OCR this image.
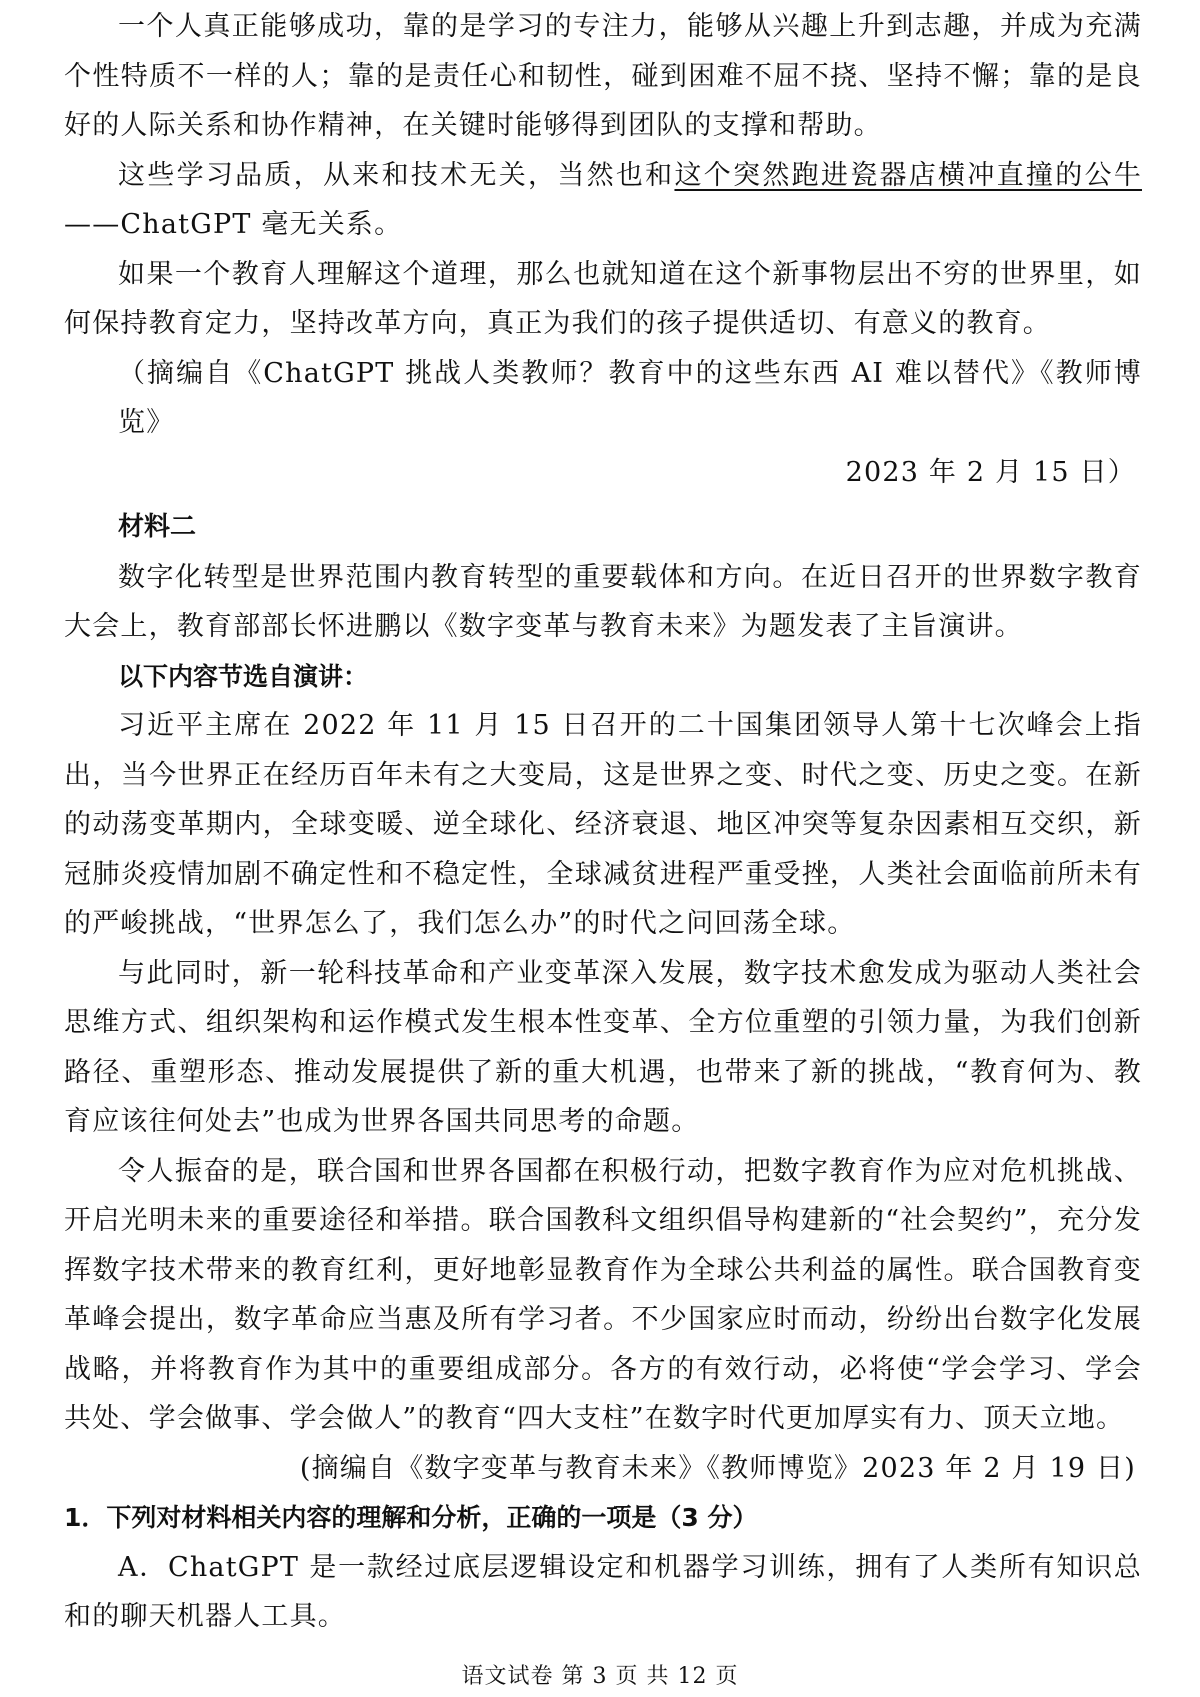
一个人真正能够成功，靠的是学习的专注力，能够从兴趣上升到志趣，并成为充满个性特质不一样的人；靠的是责任心和韧性，碰到困难不屈不挠、坚持不懈；靠的是良好的人际关系和协作精神，在关键时能够得到团队的支撑和帮助。

这些学习品质，从来和技术无关，当然也和这个突然跑进瓷器店横冲直撞的公牛——ChatGPT 毫无关系。

如果一个教育人理解这个道理，那么也就知道在这个新事物层出不穷的世界里，如何保持教育定力，坚持改革方向，真正为我们的孩子提供适切、有意义的教育。

（摘编自《ChatGPT 挑战人类教师？教育中的这些东西 AI 难以替代》《教师博览》

2023 年 2 月 15 日）

材料二

数字化转型是世界范围内教育转型的重要载体和方向。在近日召开的世界数字教育大会上，教育部部长怀进鹏以《数字变革与教育未来》为题发表了主旨演讲。

以下内容节选自演讲：

习近平主席在 2022 年 11 月 15 日召开的二十国集团领导人第十七次峰会上指出，当今世界正在经历百年未有之大变局，这是世界之变、时代之变、历史之变。在新的动荡变革期内，全球变暖、逆全球化、经济衰退、地区冲突等复杂因素相互交织，新冠肺炎疫情加剧不确定性和不稳定性，全球减贫进程严重受挫，人类社会面临前所未有的严峻挑战，“世界怎么了，我们怎么办”的时代之问回荡全球。

与此同时，新一轮科技革命和产业变革深入发展，数字技术愈发成为驱动人类社会思维方式、组织架构和运作模式发生根本性变革、全方位重塑的引领力量，为我们创新路径、重塑形态、推动发展提供了新的重大机遇，也带来了新的挑战，“教育何为、教育应该往何处去”也成为世界各国共同思考的命题。

令人振奋的是，联合国和世界各国都在积极行动，把数字教育作为应对危机挑战、开启光明未来的重要途径和举措。联合国教科文组织倡导构建新的“社会契约”，充分发挥数字技术带来的教育红利，更好地彰显教育作为全球公共利益的属性。联合国教育变革峰会提出，数字革命应当惠及所有学习者。不少国家应时而动，纷纷出台数字化发展战略，并将教育作为其中的重要组成部分。各方的有效行动，必将使“学会学习、学会共处、学会做事、学会做人”的教育“四大支柱”在数字时代更加厚实有力、顶天立地。

(摘编自《数字变革与教育未来》《教师博览》2023 年 2 月 19 日)

1．下列对材料相关内容的理解和分析，正确的一项是（3 分）

A．ChatGPT 是一款经过底层逻辑设定和机器学习训练，拥有了人类所有知识总和的聊天机器人工具。

语文试卷 第 3 页 共 12 页
